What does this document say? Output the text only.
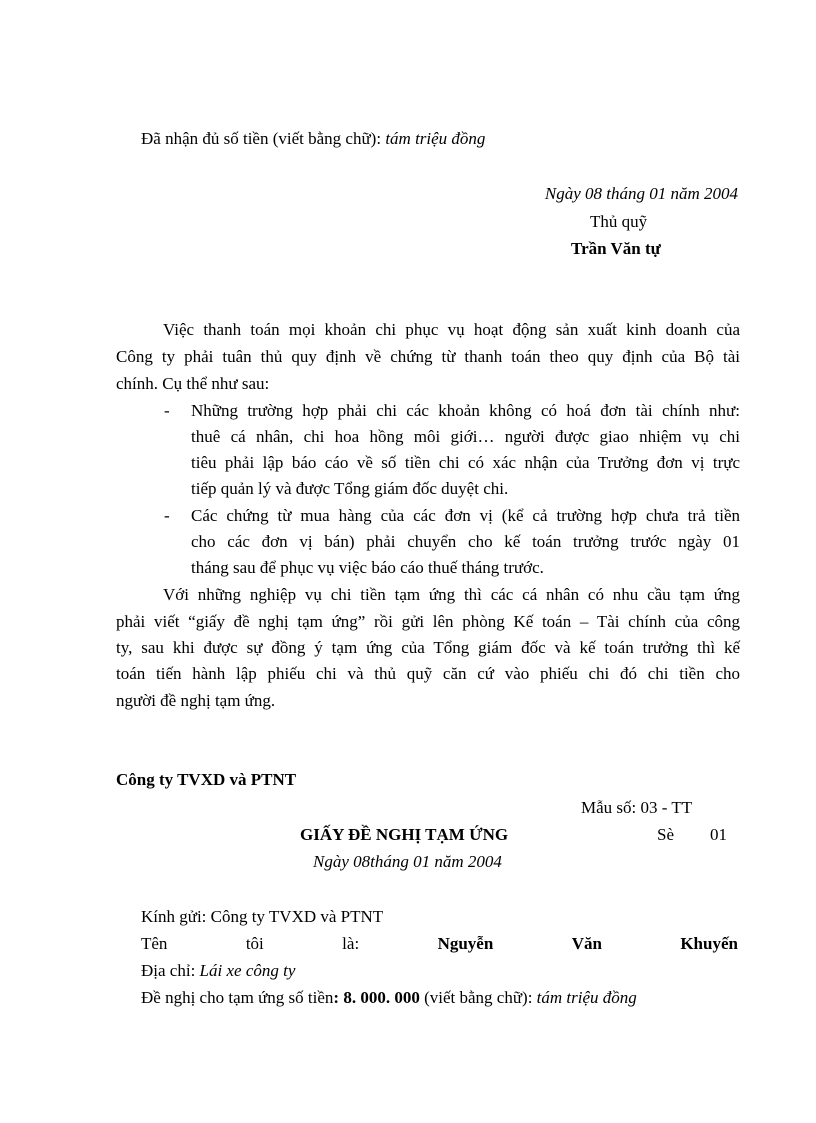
Đã nhận đủ số tiền (viết bằng chữ): tám triệu đồng
Ngày 08 tháng 01 năm 2004
Thủ quỹ
Trần Văn tự
Việc thanh toán mọi khoản chi phục vụ hoạt động sản xuất kinh doanh của
Công ty phải tuân thủ quy định về chứng từ thanh toán theo quy định của Bộ tài
chính. Cụ thể như sau:
-	Những trường hợp phải chi các khoản không có hoá đơn tài chính như:
thuê cá nhân, chi hoa hồng môi giới… người được giao nhiệm vụ chi
tiêu phải lập báo cáo về số tiền chi có xác nhận của Trưởng đơn vị trực
tiếp quản lý và được Tổng giám đốc duyệt chi.
-	Các chứng từ mua hàng của các đơn vị (kể cả trường hợp chưa trả tiền
cho các đơn vị bán) phải chuyển cho kế toán trưởng trước ngày 01
tháng sau để phục vụ việc báo cáo thuế tháng trước.
Với những nghiệp vụ chi tiền tạm ứng thì các cá nhân có nhu cầu tạm ứng
phải viết “giấy đề nghị tạm ứng” rồi gửi lên phòng Kế toán – Tài chính của công
ty, sau khi được sự đồng ý tạm ứng của Tổng giám đốc và kế toán trưởng thì kế
toán tiến hành lập phiếu chi và thủ quỹ căn cứ vào phiếu chi đó chi tiền cho
người đề nghị tạm ứng.
Công ty TVXD và PTNT
Mẫu số: 03 - TT
GIẤY ĐỀ NGHỊ TẠM ỨNG	Sè 01
Ngày 08tháng 01 năm 2004
Kính gửi: Công ty TVXD và PTNT
Tên	tôi	là:	Nguyễn	Văn	Khuyến
Địa chỉ: Lái xe công ty
Đề nghị cho tạm ứng số tiền: 8. 000. 000 (viết bằng chữ): tám triệu đồng
